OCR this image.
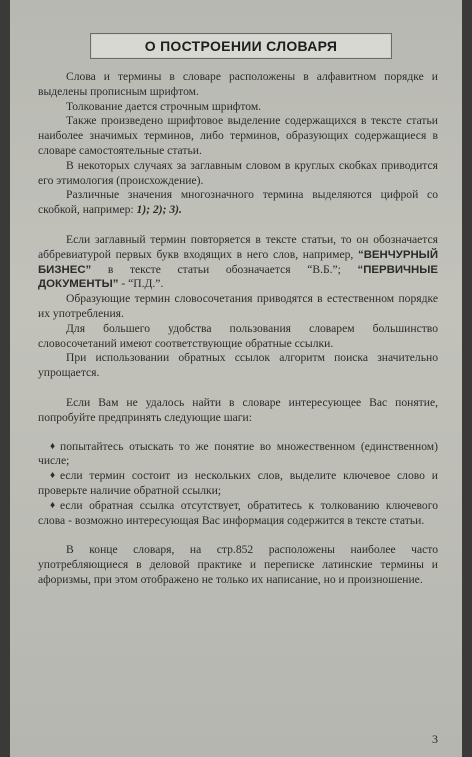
О ПОСТРОЕНИИ СЛОВАРЯ

Слова и термины в словаре расположены в алфавитном порядке и выделены прописным шрифтом.

Толкование дается строчным шрифтом.

Также произведено шрифтовое выделение содержащихся в тексте статьи наиболее значимых терминов, либо терминов, образующих содержащиеся в словаре самостоятельные статьи.

В некоторых случаях за заглавным словом в круглых скобках приводится его этимология (происхождение).

Различные значения многозначного термина выделяются цифрой со скобкой, например: 1); 2); 3).

Если заглавный термин повторяется в тексте статьи, то он обозначается аббревиатурой первых букв входящих в него слов, например, “ВЕНЧУРНЫЙ БИЗНЕС” в тексте статьи обозначается “В.Б.”; “ПЕРВИЧНЫЕ ДОКУМЕНТЫ” - “П.Д.”.

Образующие термин словосочетания приводятся в естественном порядке их употребления.

Для большего удобства пользования словарем большинство словосочетаний имеют соответствующие обратные ссылки.

При использовании обратных ссылок алгоритм поиска значительно упрощается.

Если Вам не удалось найти в словаре интересующее Вас понятие, попробуйте предпринять следующие шаги:

♦ попытайтесь отыскать то же понятие во множественном (единственном) числе;
♦ если термин состоит из нескольких слов, выделите ключевое слово и проверьте наличие обратной ссылки;
♦ если обратная ссылка отсутствует, обратитесь к толкованию ключевого слова - возможно интересующая Вас информация содержится в тексте статьи.

В конце словаря, на стр.852 расположены наиболее часто употребляющиеся в деловой практике и переписке латинские термины и афоризмы, при этом отображено не только их написание, но и произношение.

3
